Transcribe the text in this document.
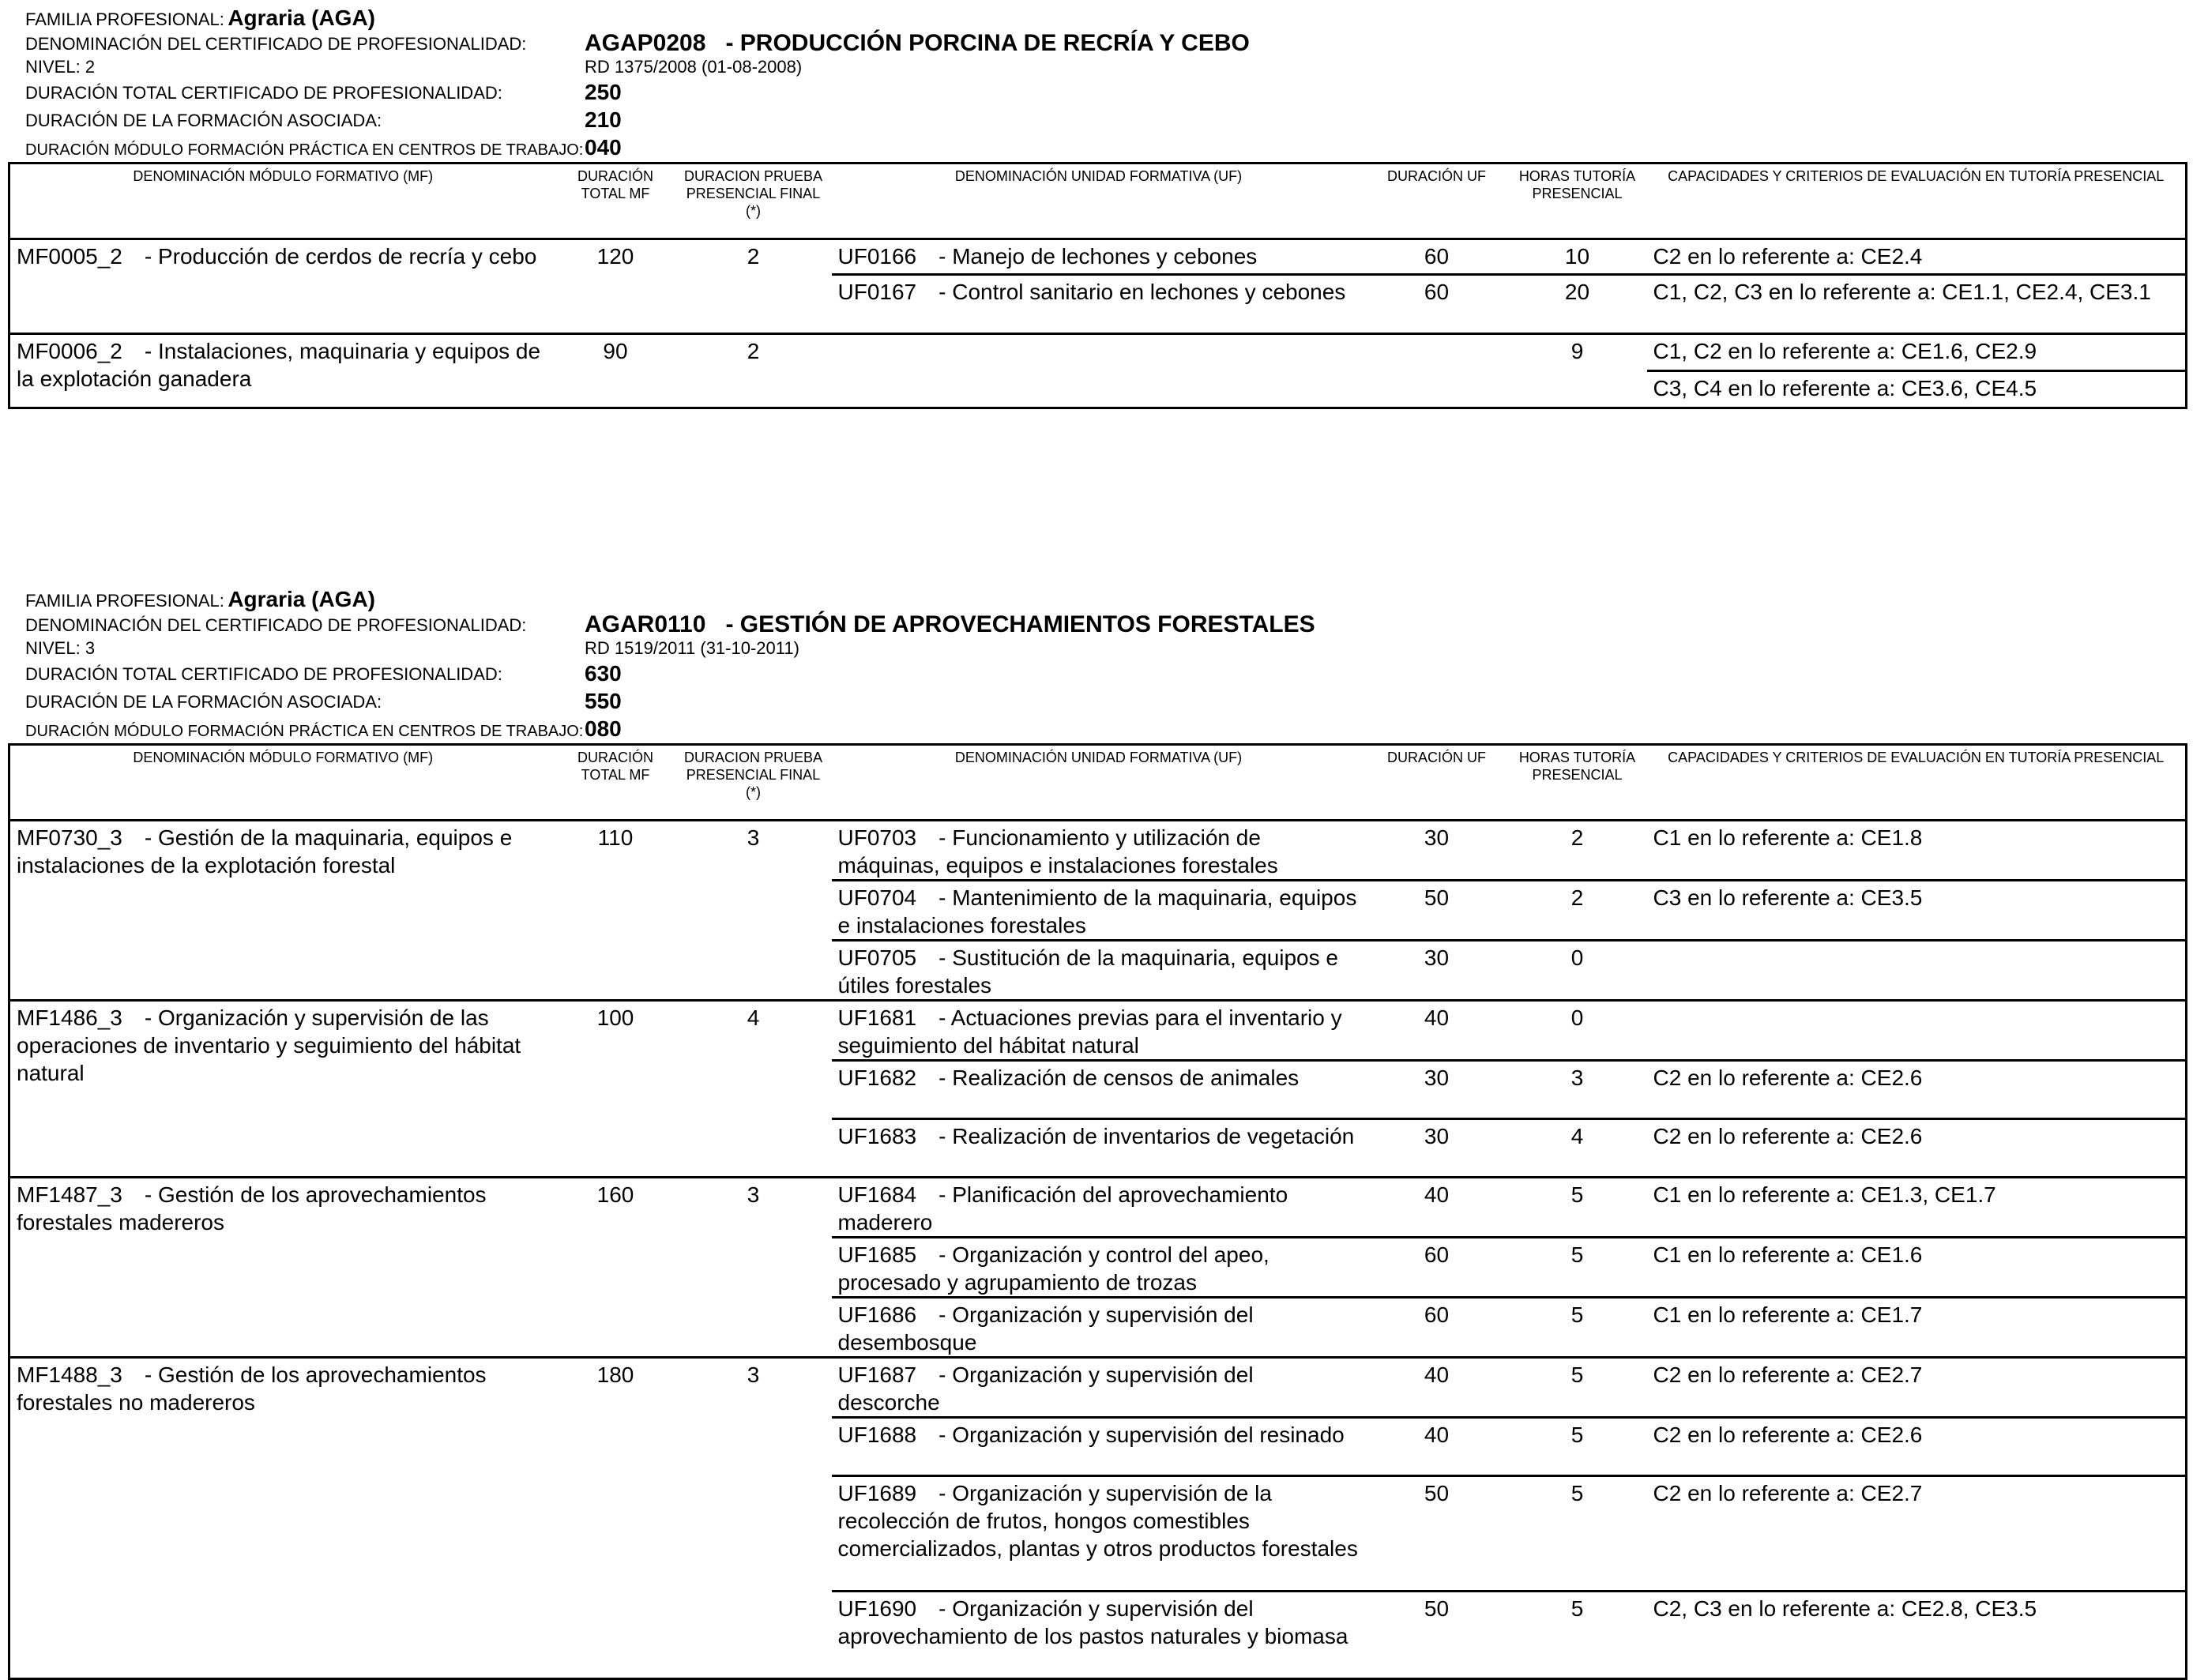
FAMILIA PROFESIONAL: Agraria (AGA)
DENOMINACIÓN DEL CERTIFICADO DE PROFESIONALIDAD: AGAP0208 - PRODUCCIÓN PORCINA DE RECRÍA Y CEBO
NIVEL: 2	RD 1375/2008 (01-08-2008)
DURACIÓN TOTAL CERTIFICADO DE PROFESIONALIDAD:	250
DURACIÓN DE LA FORMACIÓN ASOCIADA:	210
DURACIÓN MÓDULO FORMACIÓN PRÁCTICA EN CENTROS DE TRABAJO: 040
DENOMINACIÓN MÓDULO FORMATIVO (MF)	DURACIÓN TOTAL MF	DURACION PRUEBA PRESENCIAL FINAL (*)	DENOMINACIÓN UNIDAD FORMATIVA (UF)	DURACIÓN UF	HORAS TUTORÍA PRESENCIAL	CAPACIDADES Y CRITERIOS DE EVALUACIÓN EN TUTORÍA PRESENCIAL
MF0005_2 - Producción de cerdos de recría y cebo	120	2	UF0166 - Manejo de lechones y cebones	60	10	C2 en lo referente a: CE2.4
			UF0167 - Control sanitario en lechones y cebones	60	20	C1, C2, C3 en lo referente a: CE1.1, CE2.4, CE3.1
MF0006_2 - Instalaciones, maquinaria y equipos de la explotación ganadera	90	2			9	C1, C2 en lo referente a: CE1.6, CE2.9
						C3, C4 en lo referente a: CE3.6, CE4.5
FAMILIA PROFESIONAL: Agraria (AGA)
DENOMINACIÓN DEL CERTIFICADO DE PROFESIONALIDAD: AGAR0110 - GESTIÓN DE APROVECHAMIENTOS FORESTALES
NIVEL: 3	RD 1519/2011 (31-10-2011)
DURACIÓN TOTAL CERTIFICADO DE PROFESIONALIDAD:	630
DURACIÓN DE LA FORMACIÓN ASOCIADA:	550
DURACIÓN MÓDULO FORMACIÓN PRÁCTICA EN CENTROS DE TRABAJO: 080
DENOMINACIÓN MÓDULO FORMATIVO (MF)	DURACIÓN TOTAL MF	DURACION PRUEBA PRESENCIAL FINAL (*)	DENOMINACIÓN UNIDAD FORMATIVA (UF)	DURACIÓN UF	HORAS TUTORÍA PRESENCIAL	CAPACIDADES Y CRITERIOS DE EVALUACIÓN EN TUTORÍA PRESENCIAL
MF0730_3 - Gestión de la maquinaria, equipos e instalaciones de la explotación forestal	110	3	UF0703 - Funcionamiento y utilización de máquinas, equipos e instalaciones forestales	30	2	C1 en lo referente a: CE1.8
			UF0704 - Mantenimiento de la maquinaria, equipos e instalaciones forestales	50	2	C3 en lo referente a: CE3.5
			UF0705 - Sustitución de la maquinaria, equipos e útiles forestales	30	0	
MF1486_3 - Organización y supervisión de las operaciones de inventario y seguimiento del hábitat natural	100	4	UF1681 - Actuaciones previas para el inventario y seguimiento del hábitat natural	40	0	
			UF1682 - Realización de censos de animales	30	3	C2 en lo referente a: CE2.6
			UF1683 - Realización de inventarios de vegetación	30	4	C2 en lo referente a: CE2.6
MF1487_3 - Gestión de los aprovechamientos forestales madereros	160	3	UF1684 - Planificación del aprovechamiento maderero	40	5	C1 en lo referente a: CE1.3, CE1.7
			UF1685 - Organización y control del apeo, procesado y agrupamiento de trozas	60	5	C1 en lo referente a: CE1.6
			UF1686 - Organización y supervisión del desembosque	60	5	C1 en lo referente a: CE1.7
MF1488_3 - Gestión de los aprovechamientos forestales no madereros	180	3	UF1687 - Organización y supervisión del descorche	40	5	C2 en lo referente a: CE2.7
			UF1688 - Organización y supervisión del resinado	40	5	C2 en lo referente a: CE2.6
			UF1689 - Organización y supervisión de la recolección de frutos, hongos comestibles comercializados, plantas y otros productos forestales	50	5	C2 en lo referente a: CE2.7
			UF1690 - Organización y supervisión del aprovechamiento de los pastos naturales y biomasa	50	5	C2, C3 en lo referente a: CE2.8, CE3.5
